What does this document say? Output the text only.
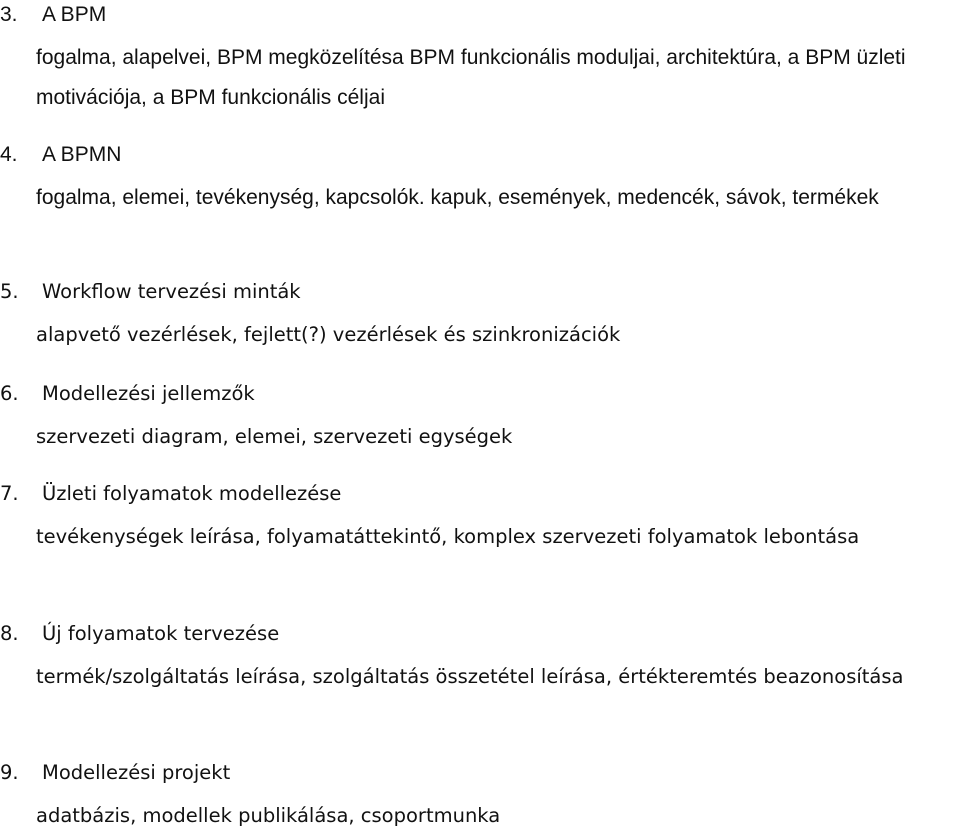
3. A BPM
fogalma, alapelvei, BPM megközelítésa BPM funkcionális moduljai, architektúra, a BPM üzleti motivációja, a BPM funkcionális céljai
4. A BPMN
fogalma, elemei, tevékenység, kapcsolók. kapuk, események, medencék, sávok, termékek
5. Workflow tervezési minták
alapvető vezérlések, fejlett(?) vezérlések és szinkronizációk
6. Modellezési jellemzők
szervezeti diagram, elemei, szervezeti egységek
7. Üzleti folyamatok modellezése
tevékenységek leírása, folyamatáttekintő, komplex szervezeti folyamatok lebontása
8. Új folyamatok tervezése
termék/szolgáltatás leírása, szolgáltatás összetétel leírása, értékteremtés beazonosítása
9. Modellezési projekt
adatbázis, modellek publikálása, csoportmunka
